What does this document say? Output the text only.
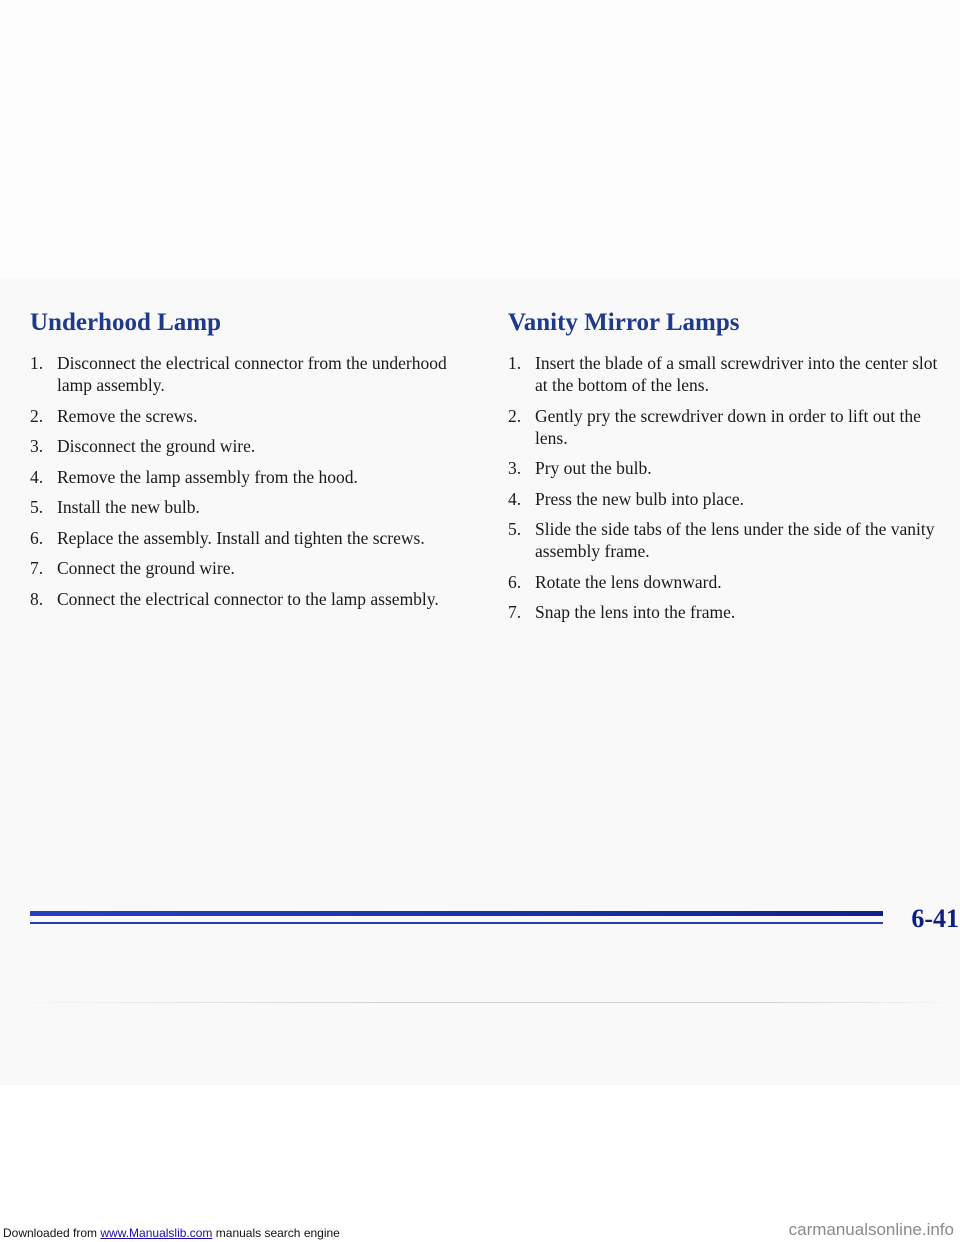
Underhood Lamp
1. Disconnect the electrical connector from the underhood lamp assembly.
2. Remove the screws.
3. Disconnect the ground wire.
4. Remove the lamp assembly from the hood.
5. Install the new bulb.
6. Replace the assembly. Install and tighten the screws.
7. Connect the ground wire.
8. Connect the electrical connector to the lamp assembly.
Vanity Mirror Lamps
1. Insert the blade of a small screwdriver into the center slot at the bottom of the lens.
2. Gently pry the screwdriver down in order to lift out the lens.
3. Pry out the bulb.
4. Press the new bulb into place.
5. Slide the side tabs of the lens under the side of the vanity assembly frame.
6. Rotate the lens downward.
7. Snap the lens into the frame.
6-41
Downloaded from www.Manualslib.com manuals search engine	carmanualsonline.info
